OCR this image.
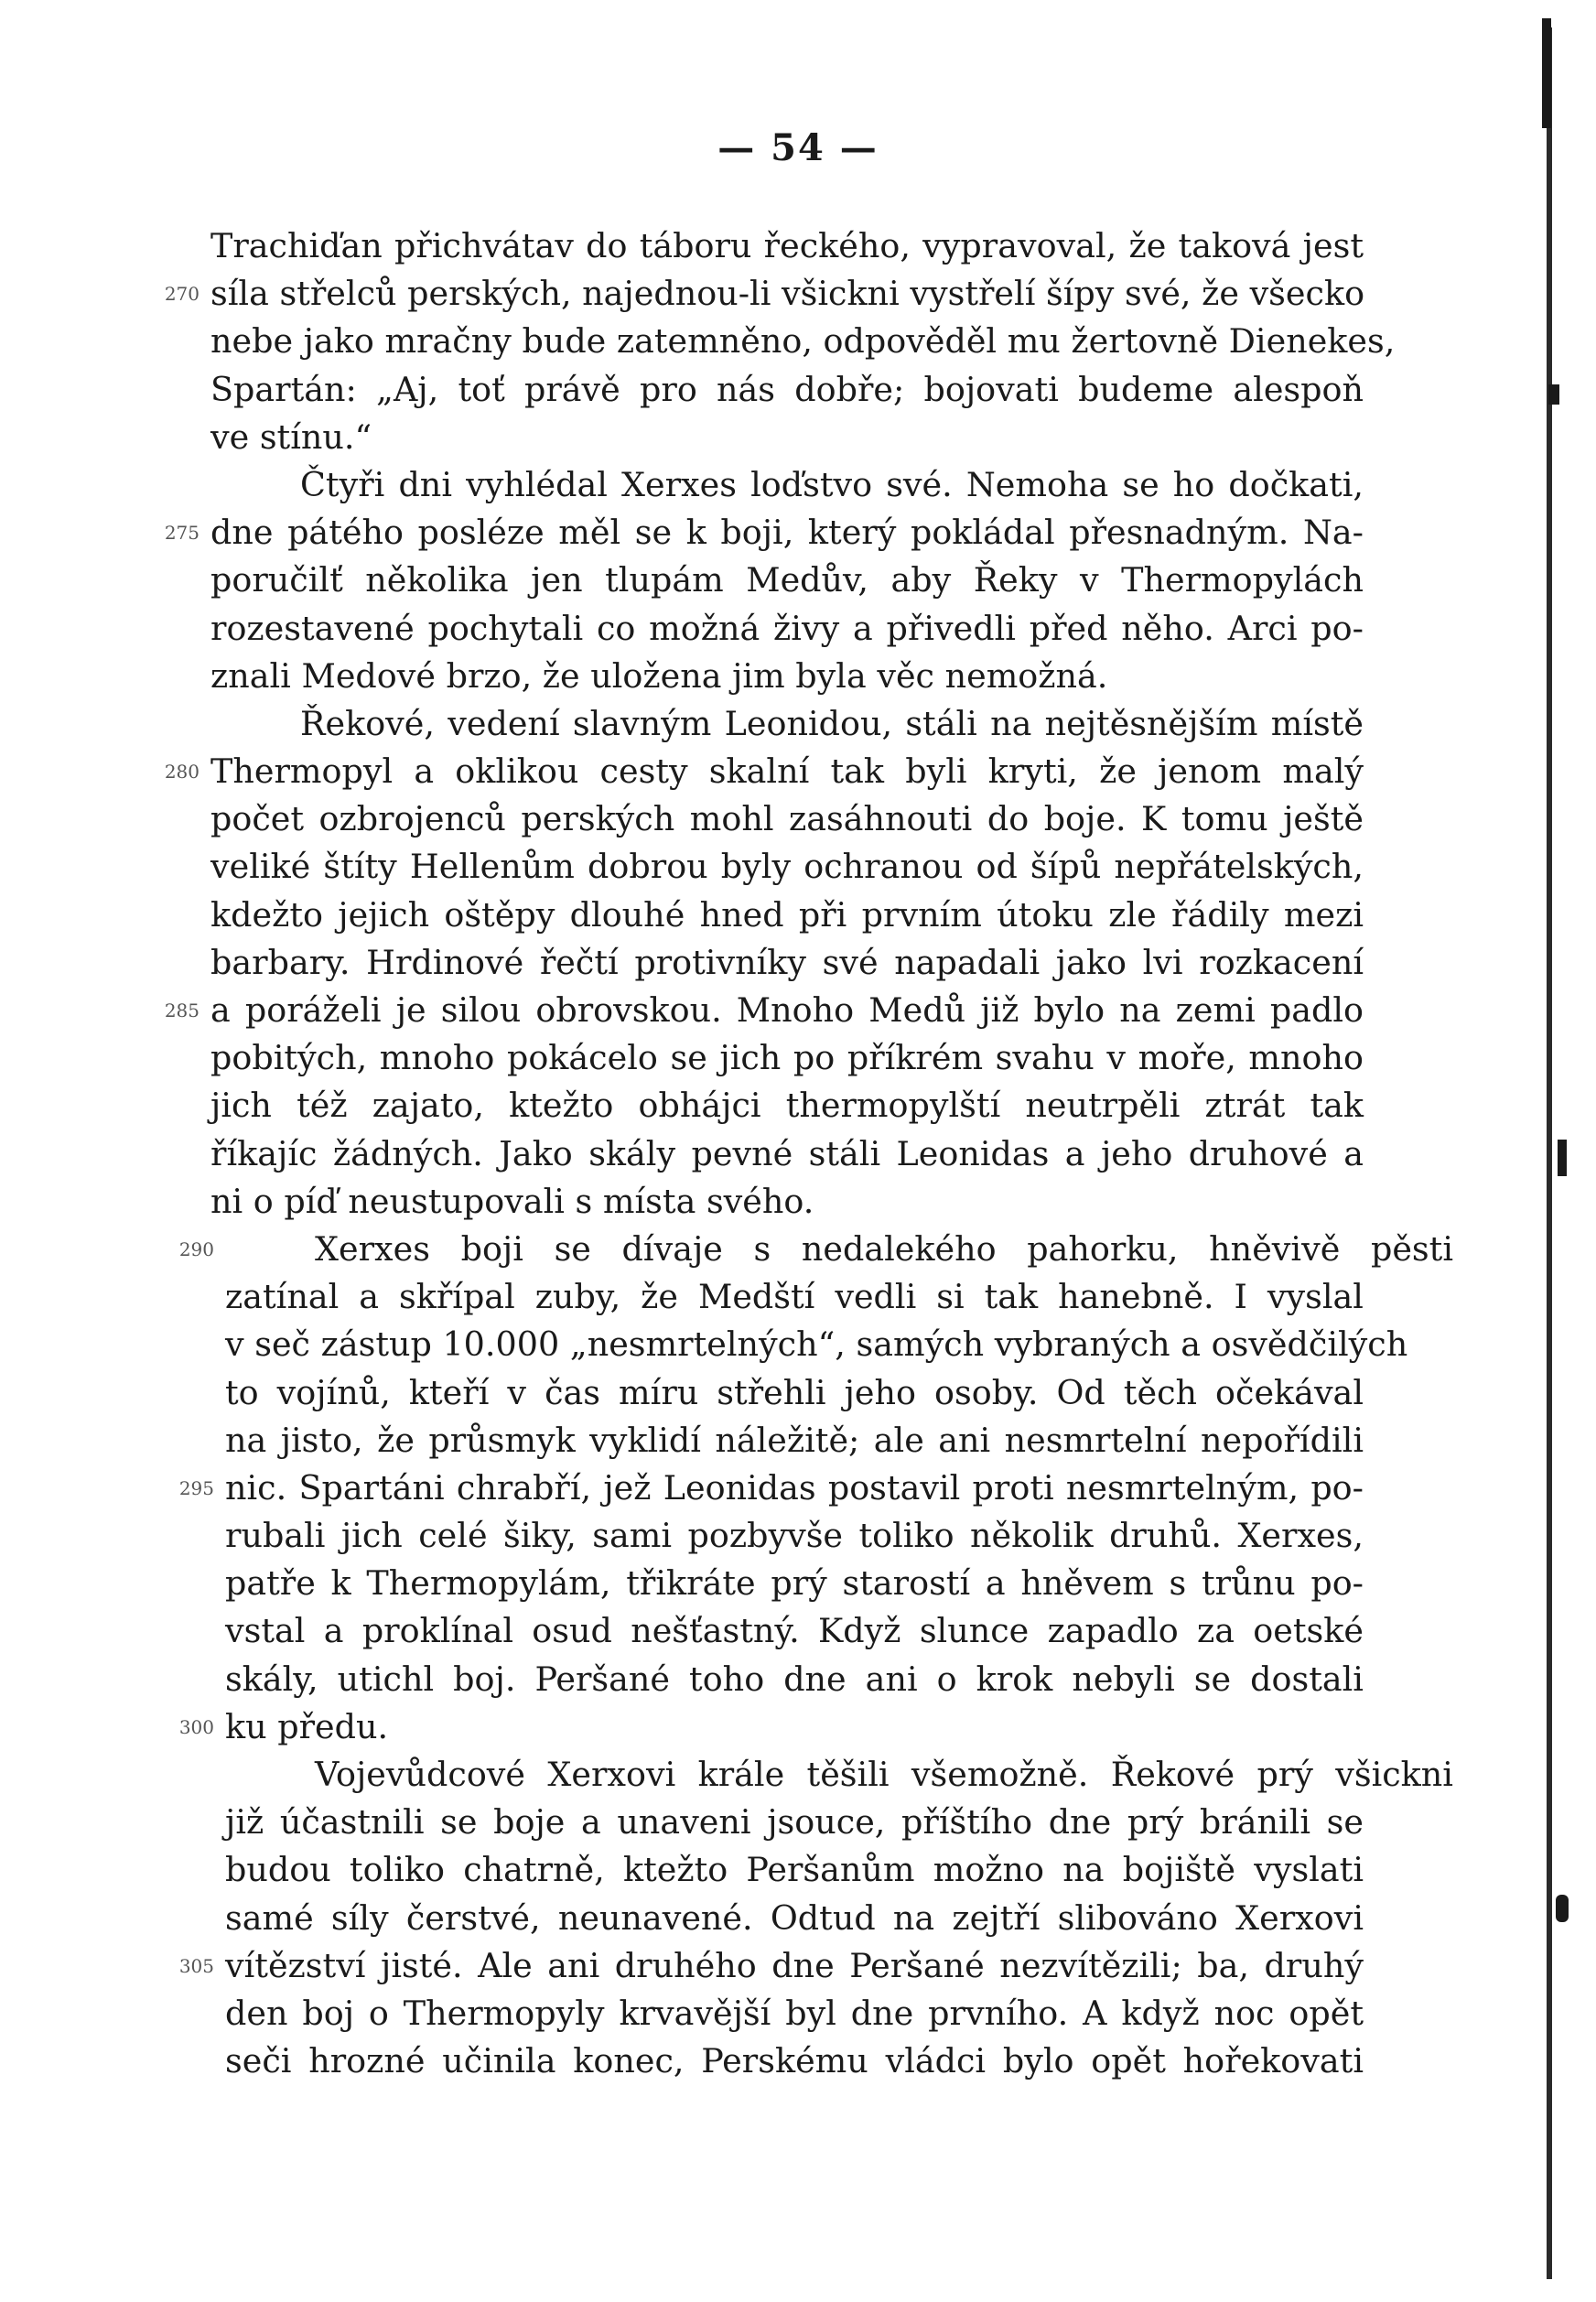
— 54 —
Trachiďan přichvátav do táboru řeckého, vypravoval, že taková jest
270 síla střelců perských, najednou-li všickni vystřelí šípy své, že všecko
nebe jako mračny bude zatemněno, odpověděl mu žertovně Dienekes,
Spartán: „Aj, toť právě pro nás dobře; bojovati budeme alespoň
ve stínu.“
Čtyři dni vyhlédal Xerxes loďstvo své. Nemoha se ho dočkati,
275 dne pátého posléze měl se k boji, který pokládal přesnadným. Na-
poručilť několika jen tlupám Medův, aby Řeky v Thermopylách
rozestavené pochytali co možná živy a přivedli před něho. Arci po-
znali Medové brzo, že uložena jim byla věc nemožná.
Řekové, vedení slavným Leonidou, stáli na nejtěsnějším místě
280 Thermopyl a oklikou cesty skalní tak byli kryti, že jenom malý
počet ozbrojenců perských mohl zasáhnouti do boje. K tomu ještě
veliké štíty Hellenům dobrou byly ochranou od šípů nepřátelských,
kdežto jejich oštěpy dlouhé hned při prvním útoku zle řádily mezi
barbary. Hrdinové řečtí protivníky své napadali jako lvi rozkacení
285 a poráželi je silou obrovskou. Mnoho Medů již bylo na zemi padlo
pobitých, mnoho pokácelo se jich po příkrém svahu v moře, mnoho
jich též zajato, ktežto obhájci thermopylští neutrpěli ztrát tak
říkajíc žádných. Jako skály pevné stáli Leonidas a jeho druhové a
ni o píď neustupovali s místa svého.
290	Xerxes boji se dívaje s nedalekého pahorku, hněvivě pěsti
zatínal a skřípal zuby, že Medští vedli si tak hanebně. I vyslal
v seč zástup 10.000 „nesmrtelných“, samých vybraných a osvědčilých
to vojínů, kteří v čas míru střehli jeho osoby. Od těch očekával
na jisto, že průsmyk vyklidí náležitě; ale ani nesmrtelní nepořídili
295 nic. Spartáni chrabří, jež Leonidas postavil proti nesmrtelným, po-
rubali jich celé šiky, sami pozbyvše toliko několik druhů. Xerxes,
patře k Thermopylám, třikráte prý starostí a hněvem s trůnu po-
vstal a proklínal osud nešťastný. Když slunce zapadlo za oetské
skály, utichl boj. Peršané toho dne ani o krok nebyli se dostali
300 ku předu.
Vojevůdcové Xerxovi krále těšili všemožně. Řekové prý všickni
již účastnili se boje a unaveni jsouce, příštího dne prý bránili se
budou toliko chatrně, ktežto Peršanům možno na bojiště vyslati
samé síly čerstvé, neunavené. Odtud na zejtří slibováno Xerxovi
305 vítězství jisté. Ale ani druhého dne Peršané nezvítězili; ba, druhý
den boj o Thermopyly krvavější byl dne prvního. A když noc opět
seči hrozné učinila konec, Perskému vládci bylo opět hořekovati
